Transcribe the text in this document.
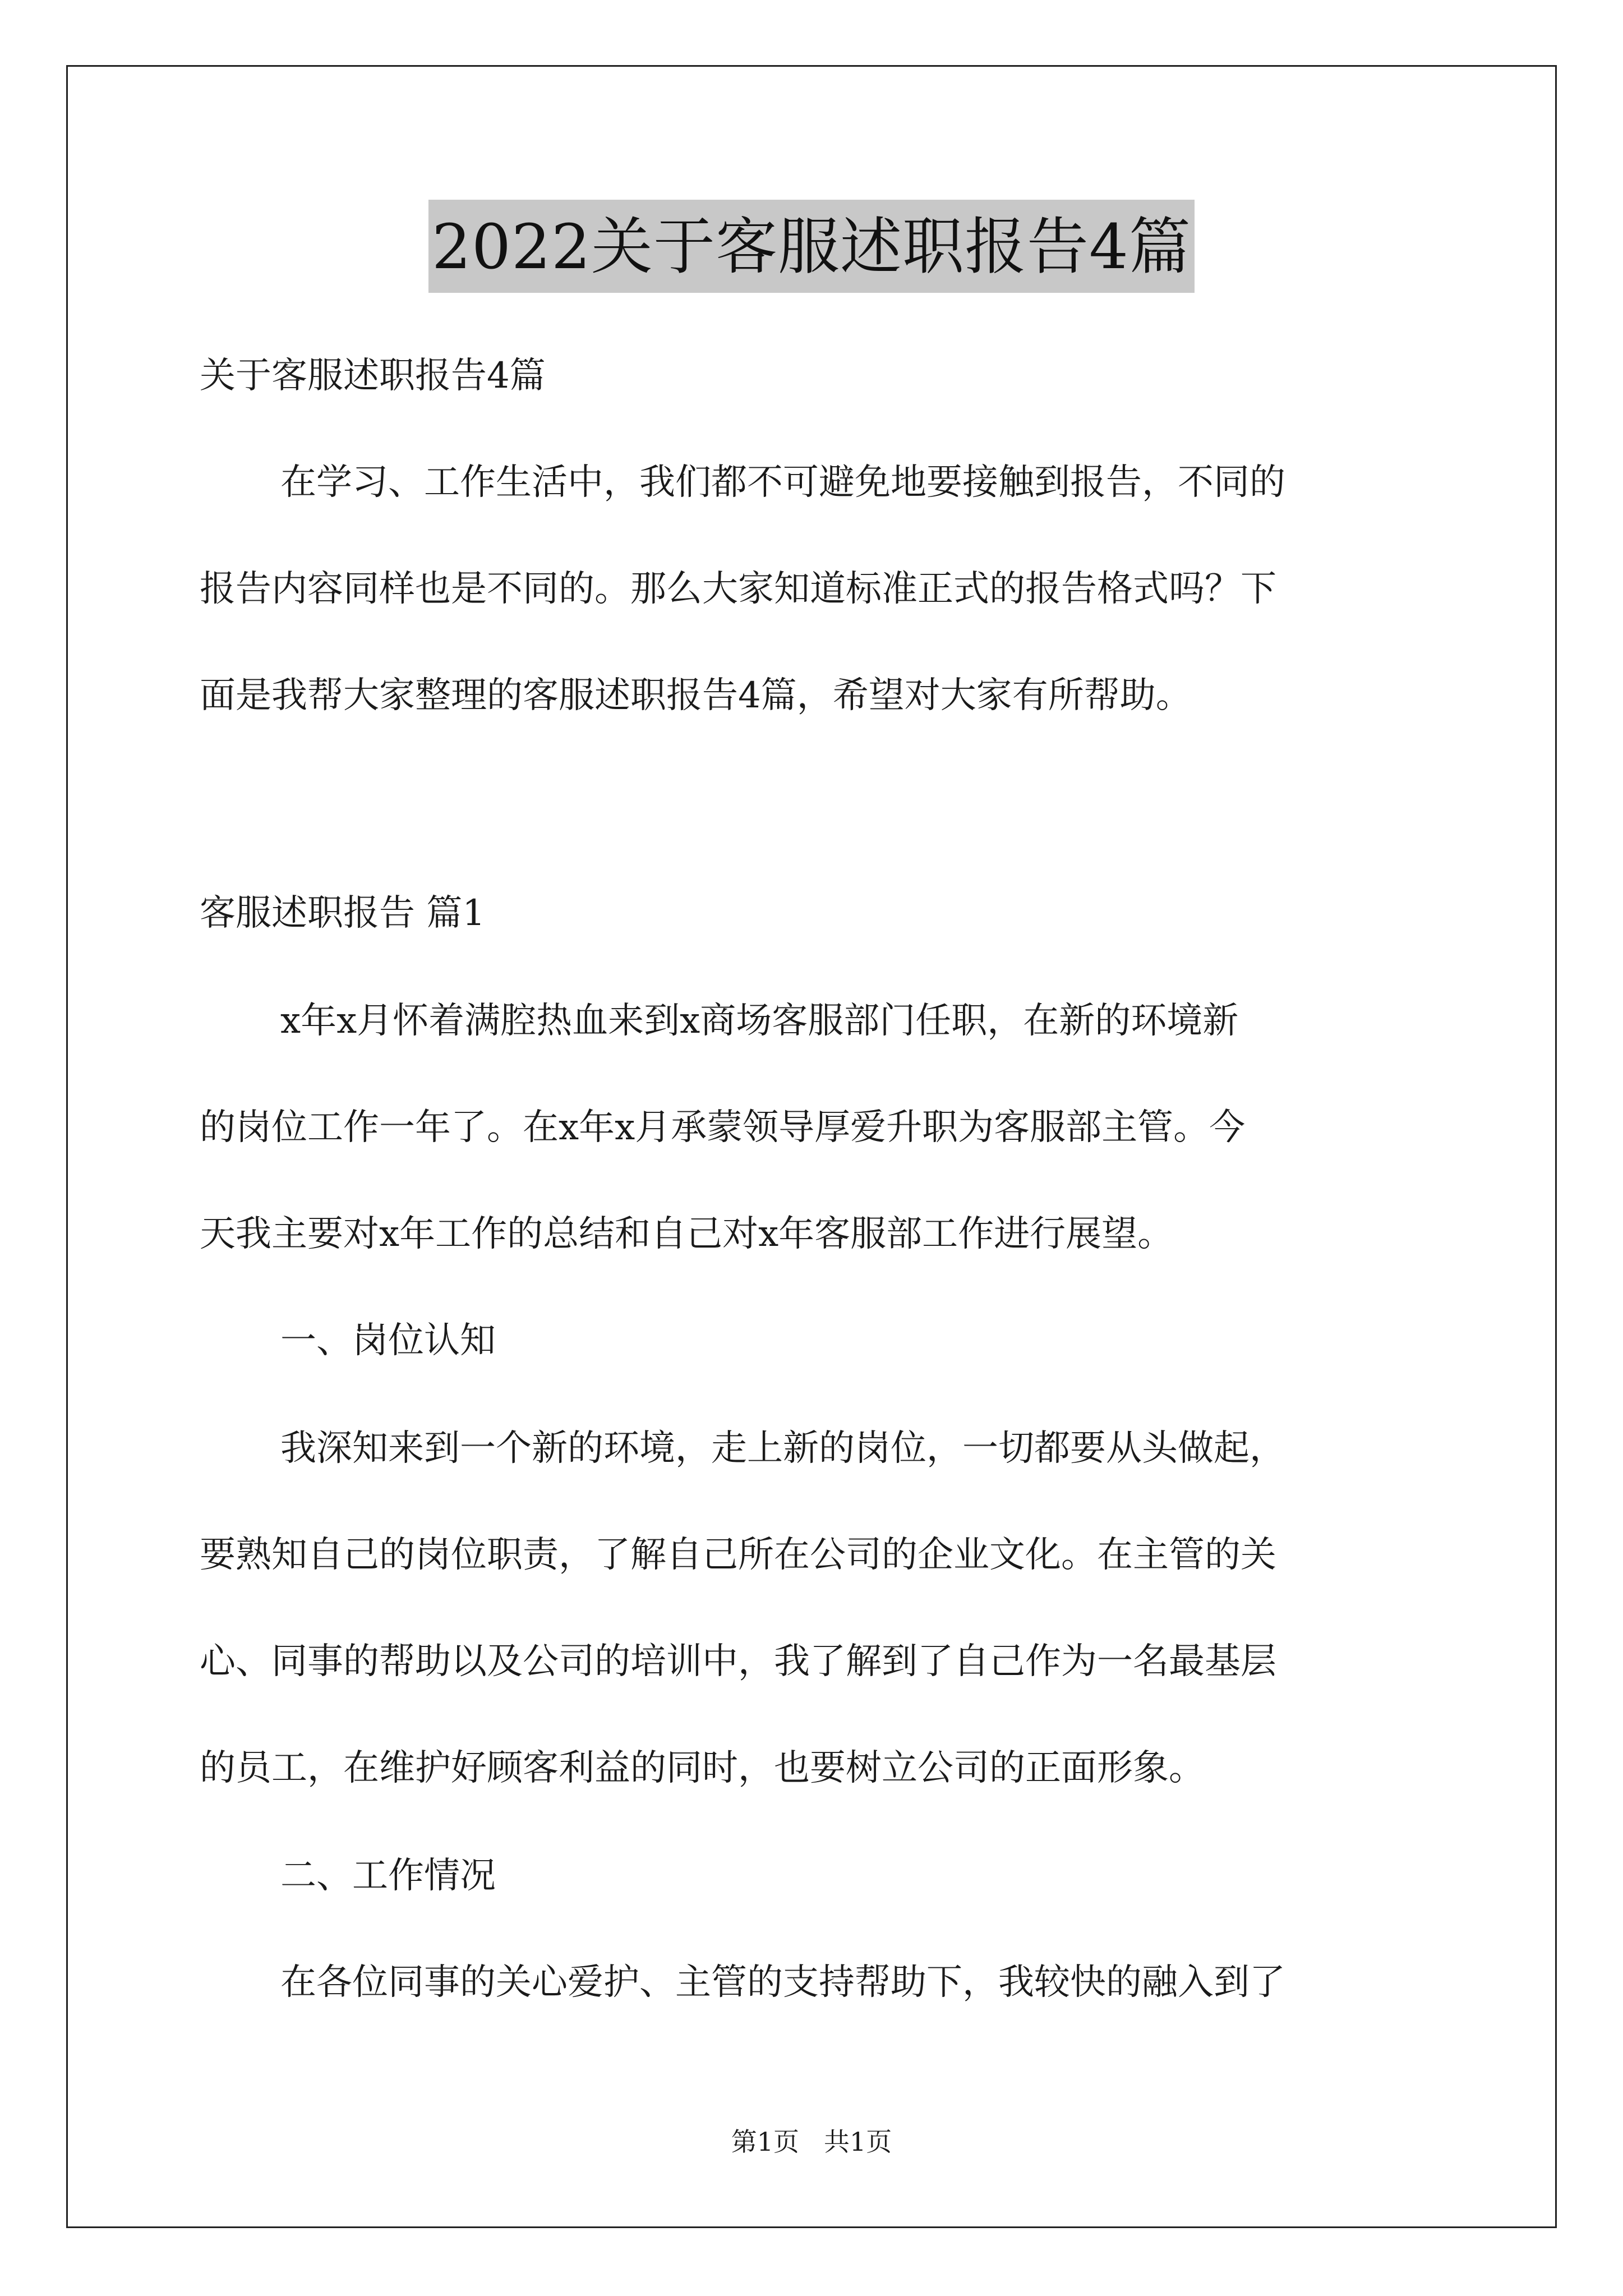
2022关于客服述职报告4篇
关于客服述职报告4篇
在学习、工作生活中，我们都不可避免地要接触到报告，不同的
报告内容同样也是不同的。那么大家知道标准正式的报告格式吗？下
面是我帮大家整理的客服述职报告4篇，希望对大家有所帮助。
客服述职报告 篇1
x年x月怀着满腔热血来到x商场客服部门任职，在新的环境新
的岗位工作一年了。在x年x月承蒙领导厚爱升职为客服部主管。今
天我主要对x年工作的总结和自己对x年客服部工作进行展望。
一、岗位认知
我深知来到一个新的环境，走上新的岗位，一切都要从头做起，
要熟知自己的岗位职责，了解自己所在公司的企业文化。在主管的关
心、同事的帮助以及公司的培训中，我了解到了自己作为一名最基层
的员工，在维护好顾客利益的同时，也要树立公司的正面形象。
二、工作情况
在各位同事的关心爱护、主管的支持帮助下，我较快的融入到了
第1页 共1页
